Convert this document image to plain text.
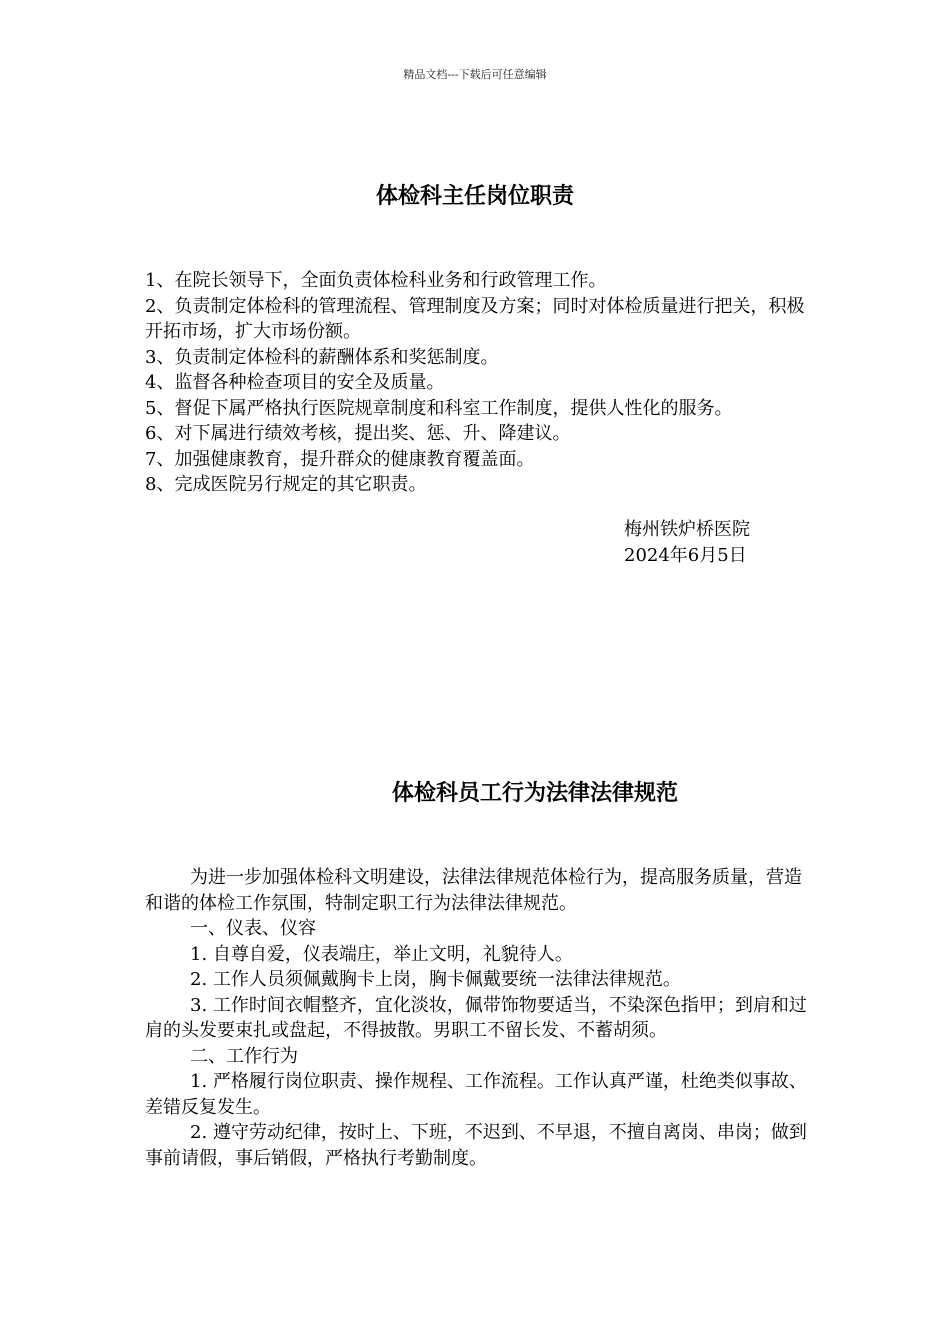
精品文档---下载后可任意编辑
体检科主任岗位职责

1、在院长领导下，全面负责体检科业务和行政管理工作。

2、负责制定体检科的管理流程、管理制度及方案；同时对体检质量进行把关，积极开拓市场，扩大市场份额。

3、负责制定体检科的薪酬体系和奖惩制度。

4、监督各种检查项目的安全及质量。

5、督促下属严格执行医院规章制度和科室工作制度，提供人性化的服务。

6、对下属进行绩效考核，提出奖、惩、升、降建议。

7、加强健康教育，提升群众的健康教育覆盖面。

8、完成医院另行规定的其它职责。

梅州铁炉桥医院
2024年6月5日
体检科员工行为法律法律规范

为进一步加强体检科文明建设，法律法律规范体检行为，提高服务质量，营造和谐的体检工作氛围，特制定职工行为法律法律规范。

一、仪表、仪容

1. 自尊自爱，仪表端庄，举止文明，礼貌待人。

2. 工作人员须佩戴胸卡上岗，胸卡佩戴要统一法律法律规范。

3. 工作时间衣帽整齐，宜化淡妆，佩带饰物要适当，不染深色指甲；到肩和过肩的头发要束扎或盘起，不得披散。男职工不留长发、不蓄胡须。

二、工作行为

1. 严格履行岗位职责、操作规程、工作流程。工作认真严谨，杜绝类似事故、差错反复发生。

2. 遵守劳动纪律，按时上、下班，不迟到、不早退，不擅自离岗、串岗；做到事前请假，事后销假，严格执行考勤制度。
